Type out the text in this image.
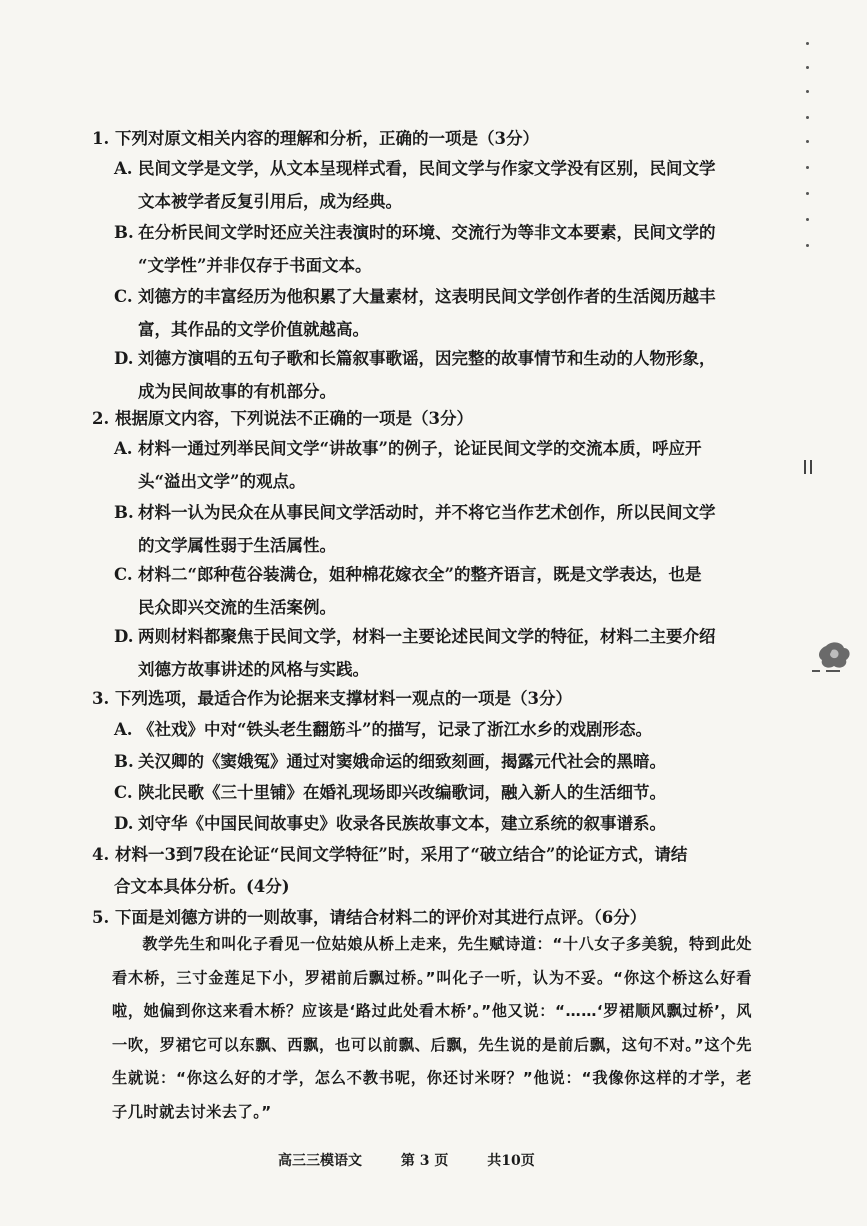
1. 下列对原文相关内容的理解和分析，正确的一项是（3分）
A. 民间文学是文学，从文本呈现样式看，民间文学与作家文学没有区别，民间文学
文本被学者反复引用后，成为经典。
B. 在分析民间文学时还应关注表演时的环境、交流行为等非文本要素，民间文学的
“文学性”并非仅存于书面文本。
C. 刘德方的丰富经历为他积累了大量素材，这表明民间文学创作者的生活阅历越丰
富，其作品的文学价值就越高。
D. 刘德方演唱的五句子歌和长篇叙事歌谣，因完整的故事情节和生动的人物形象，
成为民间故事的有机部分。
2. 根据原文内容，下列说法不正确的一项是（3分）
A. 材料一通过列举民间文学“讲故事”的例子，论证民间文学的交流本质，呼应开
头“溢出文学”的观点。
B. 材料一认为民众在从事民间文学活动时，并不将它当作艺术创作，所以民间文学
的文学属性弱于生活属性。
C. 材料二“郎种苞谷装满仓，姐种棉花嫁衣全”的整齐语言，既是文学表达，也是
民众即兴交流的生活案例。
D. 两则材料都聚焦于民间文学，材料一主要论述民间文学的特征，材料二主要介绍
刘德方故事讲述的风格与实践。
3. 下列选项，最适合作为论据来支撑材料一观点的一项是（3分）
A. 《社戏》中对“铁头老生翻筋斗”的描写，记录了浙江水乡的戏剧形态。
B. 关汉卿的《窦娥冤》通过对窦娥命运的细致刻画，揭露元代社会的黑暗。
C. 陕北民歌《三十里铺》在婚礼现场即兴改编歌词，融入新人的生活细节。
D. 刘守华《中国民间故事史》收录各民族故事文本，建立系统的叙事谱系。
4. 材料一3到7段在论证“民间文学特征”时，采用了“破立结合”的论证方式，请结
合文本具体分析。(4分)
5. 下面是刘德方讲的一则故事，请结合材料二的评价对其进行点评。（6分）
教学先生和叫化子看见一位姑娘从桥上走来，先生赋诗道：“十八女子多美貌，特到此处看木桥，三寸金莲足下小，罗裙前后飘过桥。”叫化子一听，认为不妥。“你这个桥这么好看啦，她偏到你这来看木桥？应该是‘路过此处看木桥’。”他又说：“……‘罗裙顺风飘过桥’，风一吹，罗裙它可以东飘、西飘，也可以前飘、后飘，先生说的是前后飘，这句不对。”这个先生就说：“你这么好的才学，怎么不教书呢，你还讨米呀？”他说：“我像你这样的才学，老子几时就去讨米去了。”
高三三模语文	第 3 页	共10页
